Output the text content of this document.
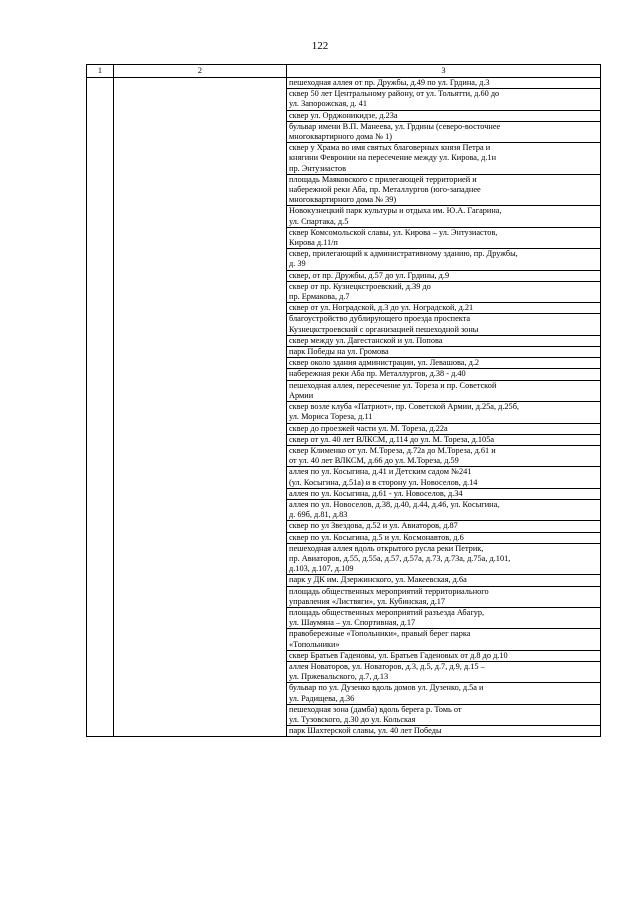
122
1	2	3

		пешеходная аллея от пр. Дружбы, д.49 по ул. Грдина, д.3

		сквер 50 лет Центральному району, от ул. Тольятти, д.60 до
ул. Запорожская, д. 41

		сквер ул. Орджоникидзе, д.23а

		бульвар имени В.П. Манеева, ул. Грдины (северо-восточнее
многоквартирного дома № 1)

		сквер у Храма во имя святых благоверных князя Петра и
княгини Февронии на пересечение между ул. Кирова, д.1н
пр. Энтузиастов

		площадь Маяковского с прилегающей территорией и
набережной реки Аба, пр. Металлургов (юго-западнее
многоквартирного дома № 39)

		Новокузнецкий парк культуры и отдыха им. Ю.А. Гагарина,
ул. Спартака, д.5

		сквер Комсомольской славы, ул. Кирова – ул. Энтузиастов,
Кирова д.11/п

		сквер, прилегающий к административному зданию, пр. Дружбы,
д. 39

		сквер, от пр. Дружбы, д.57 до ул. Грдины, д.9

		сквер от пр. Кузнецкстроевский, д.39 до
пр. Ермакова, д.7

		сквер от ул. Ноградской, д.3 до ул. Ноградской, д.21

		благоустройство дублирующего проезда проспекта
Кузнецкстроевский с организацией пешеходной зоны

		сквер между ул. Дагестанской и ул. Попова

		парк Победы на ул. Громова

		сквер около здания администрации, ул. Левашова, д.2

		набережная реки Аба пр. Металлургов, д.38 - д.40

		пешеходная аллея, пересечение ул. Тореза и пр. Советской
Армии

		сквер возле клуба «Патриот», пр. Советской Армии, д.25а, д.25б,
ул. Мориса Тореза, д.11

		сквер до проезжей части ул. М. Тореза, д.22а

		сквер от ул. 40 лет ВЛКСМ, д.114 до ул. М. Тореза, д.105а

		сквер Клименко от ул. М.Тореза, д.72а до М.Тореза, д.61 и
от ул. 40 лет ВЛКСМ, д.66 до ул. М.Тореза, д.59

		аллея по ул. Косыгина, д.41 и Детским садом №241
(ул. Косыгина, д.51а) и в сторону ул. Новоселов, д.14

		аллея по ул. Косыгина, д.61 - ул. Новоселов, д.34

		аллея по ул. Новоселов, д.38, д.40, д.44, д.46, ул. Косыгина,
д. 69б, д.81, д.83

		сквер по ул Звездова, д.52 и ул. Авиаторов, д.87

		сквер по ул. Косыгина, д.5 и ул. Космонавтов, д.6

		пешеходная аллея вдоль открытого русла реки Петрик,
пр. Авиаторов, д.55, д.55а, д.57, д.57а, д.73, д.73а, д.75а, д.101,
д.103, д.107, д.109

		парк у ДК им. Дзержинского, ул. Макеевская, д.6а

		площадь общественных мероприятий территориального
управления «Листвяги», ул. Кубинская, д.17

		площадь общественных мероприятий разъезда Абагур,
ул. Шаумяна – ул. Спортивная, д.17

		правобережные «Топольники», правый берег парка
«Топольники»

		сквер Братьев Гаденовы, ул. Братьев Гаденовых от д.8 до д.10

		аллея Новаторов, ул. Новаторов, д.3, д.5, д.7, д.9, д.15 –
ул. Пржевальского, д.7, д.13

		бульвар по ул. Дузенко вдоль домов ул. Дузенко, д.5а и
ул. Радищева, д.36

		пешеходная зона (дамба) вдоль берега р. Томь от
ул. Тузовского, д.30 до ул. Кольская

		парк Шахтерской славы, ул. 40 лет Победы
